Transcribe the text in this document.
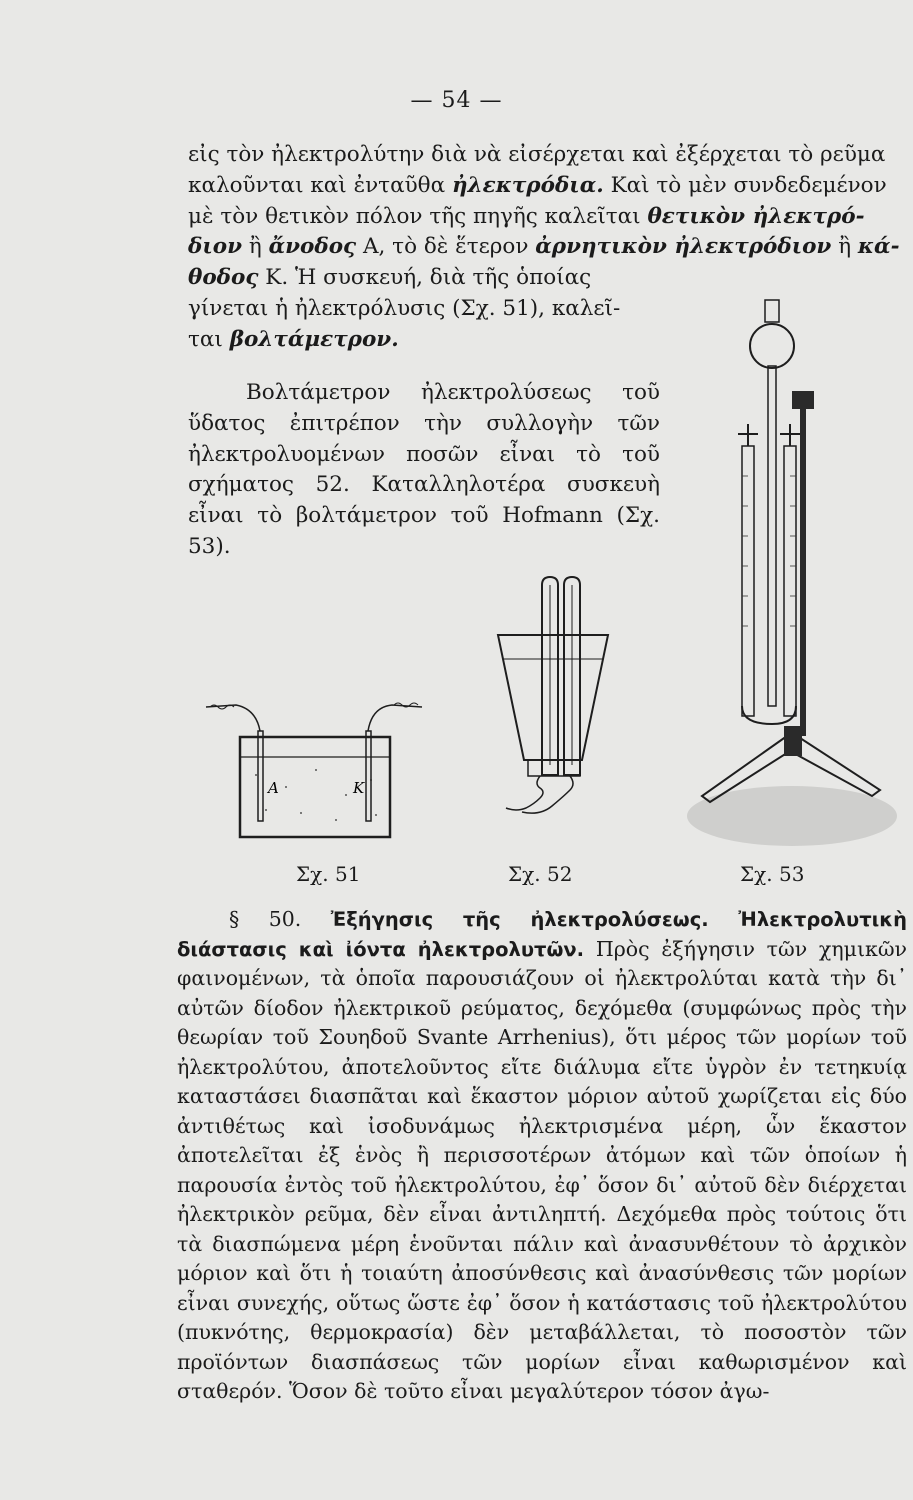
— 54 —
εἰς τὸν ἠλεκτρολύτην διὰ νὰ εἰσέρχεται καὶ ἐξέρχεται τὸ ρεῦμα
καλοῦνται καὶ ἐνταῦθα ἠλεκτρόδια. Καὶ τὸ μὲν συνδεδεμένον
μὲ τὸν θετικὸν πόλον τῆς πηγῆς καλεῖται θετικὸν ἠλεκτρό-
διον ἢ ἄνοδος Α, τὸ δὲ ἕτερον ἀρνητικὸν ἠλεκτρόδιον ἢ κά-
θοδος Κ. Ἡ συσκευή, διὰ τῆς ὁποίας
γίνεται ἡ ἠλεκτρόλυσις (Σχ. 51), καλεῖ-
ται βολτάμετρον.

Βολτάμετρον ἠλεκτρολύσεως τοῦ ὕδατος ἐπιτρέπον τὴν συλλογὴν τῶν ἠλεκτρολυομένων ποσῶν εἶναι τὸ τοῦ σχήματος 52. Καταλληλοτέρα συσκευὴ εἶναι τὸ βολτάμετρον τοῦ Hofmann (Σχ. 53).

A	K
Σχ. 51	Σχ. 52	Σχ. 53

§ 50. Ἐξήγησις τῆς ἠλεκτρολύσεως. Ἠλεκτρολυτικὴ διάστασις καὶ ἰόντα ἠλεκτρολυτῶν. Πρὸς ἐξήγησιν τῶν χημικῶν φαινομένων, τὰ ὁποῖα παρουσιάζουν οἱ ἠλεκτρολύται κατὰ τὴν δι᾽ αὐτῶν δίοδον ἠλεκτρικοῦ ρεύματος, δεχόμεθα (συμφώνως πρὸς τὴν θεωρίαν τοῦ Σουηδοῦ Svante Arrhenius), ὅτι μέρος τῶν μορίων τοῦ ἠλεκτρολύτου, ἀποτελοῦντος εἴτε διάλυμα εἴτε ὑγρὸν ἐν τετηκυίᾳ καταστάσει διασπᾶται καὶ ἕκαστον μόριον αὐτοῦ χωρίζεται εἰς δύο ἀντιθέτως καὶ ἰσοδυνάμως ἠλεκτρισμένα μέρη, ὧν ἕκαστον ἀποτελεῖται ἐξ ἑνὸς ἢ περισσοτέρων ἀτόμων καὶ τῶν ὁποίων ἡ παρουσία ἐντὸς τοῦ ἠλεκτρολύτου, ἐφ᾽ ὅσον δι᾽ αὐτοῦ δὲν διέρχεται ἠλεκτρικὸν ρεῦμα, δὲν εἶναι ἀντιληπτή. Δεχόμεθα πρὸς τούτοις ὅτι τὰ διασπώμενα μέρη ἑνοῦνται πάλιν καὶ ἀνασυνθέτουν τὸ ἀρχικὸν μόριον καὶ ὅτι ἡ τοιαύτη ἀποσύνθεσις καὶ ἀνασύνθεσις τῶν μορίων εἶναι συνεχής, οὕτως ὥστε ἐφ᾽ ὅσον ἡ κατάστασις τοῦ ἠλεκτρολύτου (πυκνότης, θερμοκρασία) δὲν μεταβάλλεται, τὸ ποσοστὸν τῶν προϊόντων διασπάσεως τῶν μορίων εἶναι καθωρισμένον καὶ σταθερόν. Ὅσον δὲ τοῦτο εἶναι μεγαλύτερον τόσον ἀγω-
